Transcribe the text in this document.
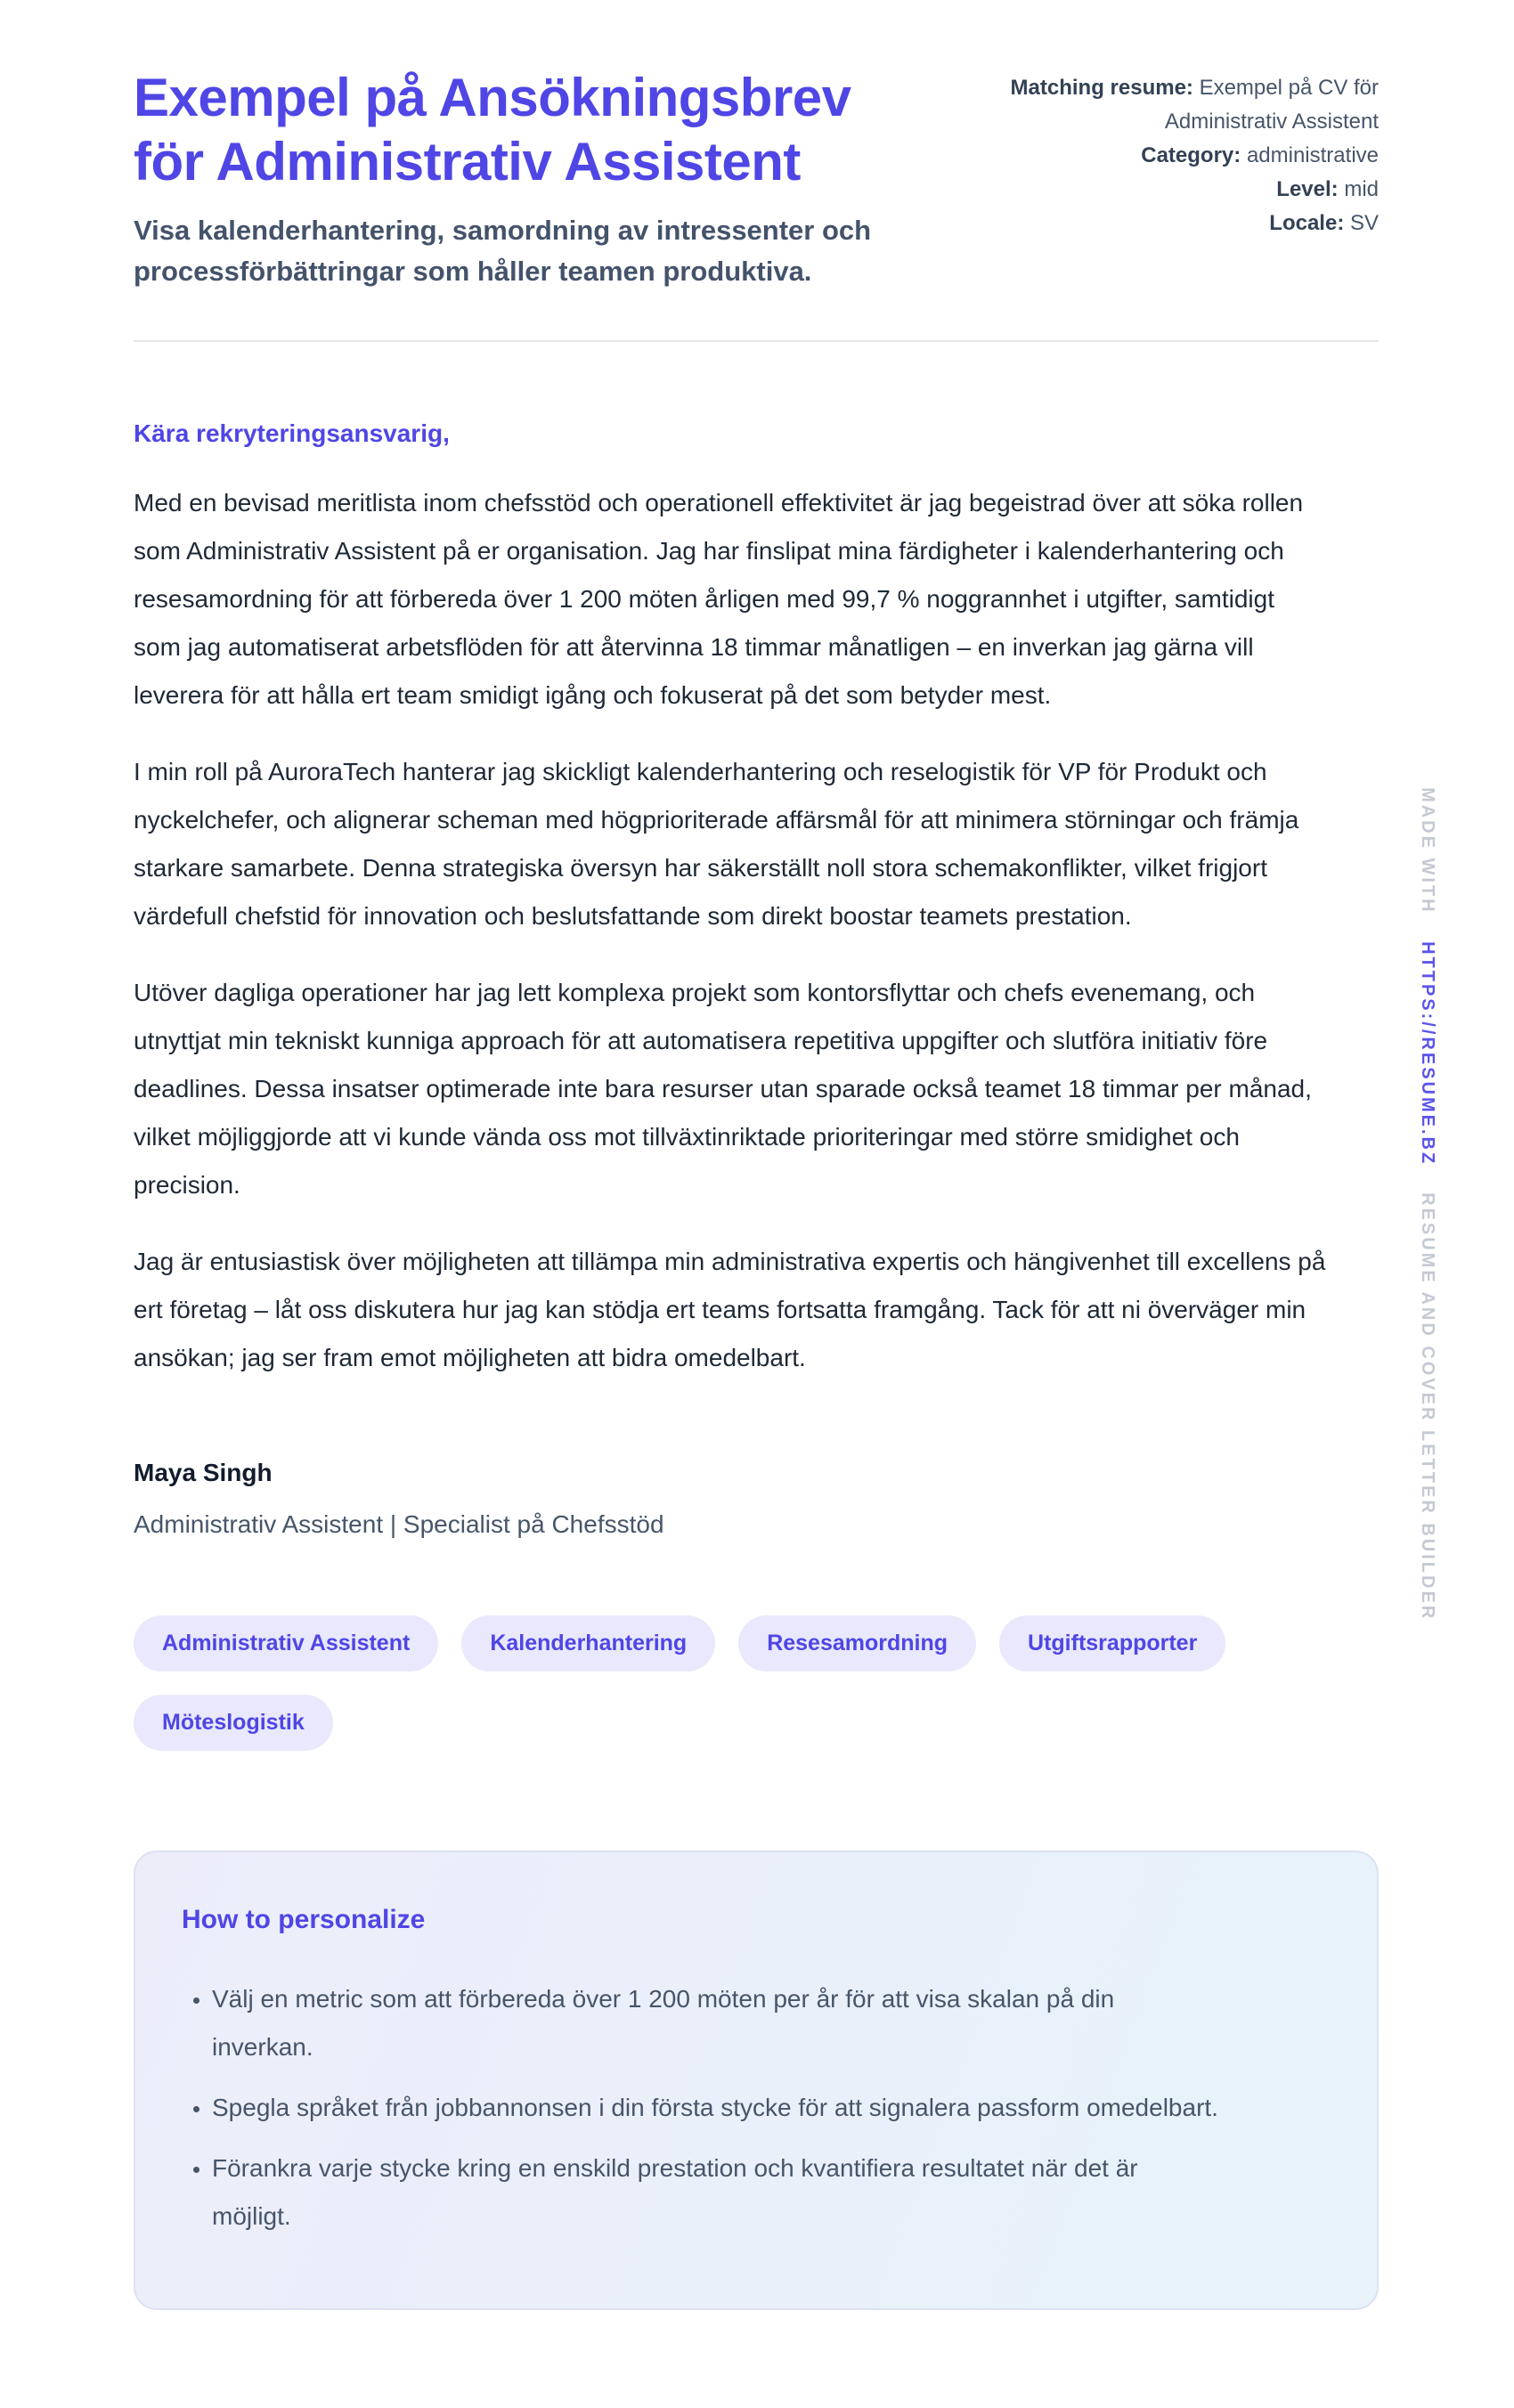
Exempel på Ansökningsbrev för Administrativ Assistent

Visa kalenderhantering, samordning av intressenter och processförbättringar som håller teamen produktiva.

Matching resume: Exempel på CV för Administrativ Assistent
Category: administrative
Level: mid
Locale: SV

Kära rekryteringsansvarig,

Med en bevisad meritlista inom chefsstöd och operationell effektivitet är jag begeistrad över att söka rollen som Administrativ Assistent på er organisation. Jag har finslipat mina färdigheter i kalenderhantering och resesamordning för att förbereda över 1 200 möten årligen med 99,7 % noggrannhet i utgifter, samtidigt som jag automatiserat arbetsflöden för att återvinna 18 timmar månatligen – en inverkan jag gärna vill leverera för att hålla ert team smidigt igång och fokuserat på det som betyder mest.

I min roll på AuroraTech hanterar jag skickligt kalenderhantering och reselogistik för VP för Produkt och nyckelchefer, och alignerar scheman med högprioriterade affärsmål för att minimera störningar och främja starkare samarbete. Denna strategiska översyn har säkerställt noll stora schemakonflikter, vilket frigjort värdefull chefstid för innovation och beslutsfattande som direkt boostar teamets prestation.

Utöver dagliga operationer har jag lett komplexa projekt som kontorsflyttar och chefs evenemang, och utnyttjat min tekniskt kunniga approach för att automatisera repetitiva uppgifter och slutföra initiativ före deadlines. Dessa insatser optimerade inte bara resurser utan sparade också teamet 18 timmar per månad, vilket möjliggjorde att vi kunde vända oss mot tillväxtinriktade prioriteringar med större smidighet och precision.

Jag är entusiastisk över möjligheten att tillämpa min administrativa expertis och hängivenhet till excellens på ert företag – låt oss diskutera hur jag kan stödja ert teams fortsatta framgång. Tack för att ni överväger min ansökan; jag ser fram emot möjligheten att bidra omedelbart.

Maya Singh

Administrativ Assistent | Specialist på Chefsstöd

Administrativ Assistent	Kalenderhantering	Resesamordning	Utgiftsrapporter
Möteslogistik
How to personalize
• Välj en metric som att förbereda över 1 200 möten per år för att visa skalan på din inverkan.
• Spegla språket från jobbannonsen i din första stycke för att signalera passform omedelbart.
• Förankra varje stycke kring en enskild prestation och kvantifiera resultatet när det är möjligt.
MADE WITH
HTTPS://RESUME.BZ
RESUME AND COVER LETTER BUILDER
